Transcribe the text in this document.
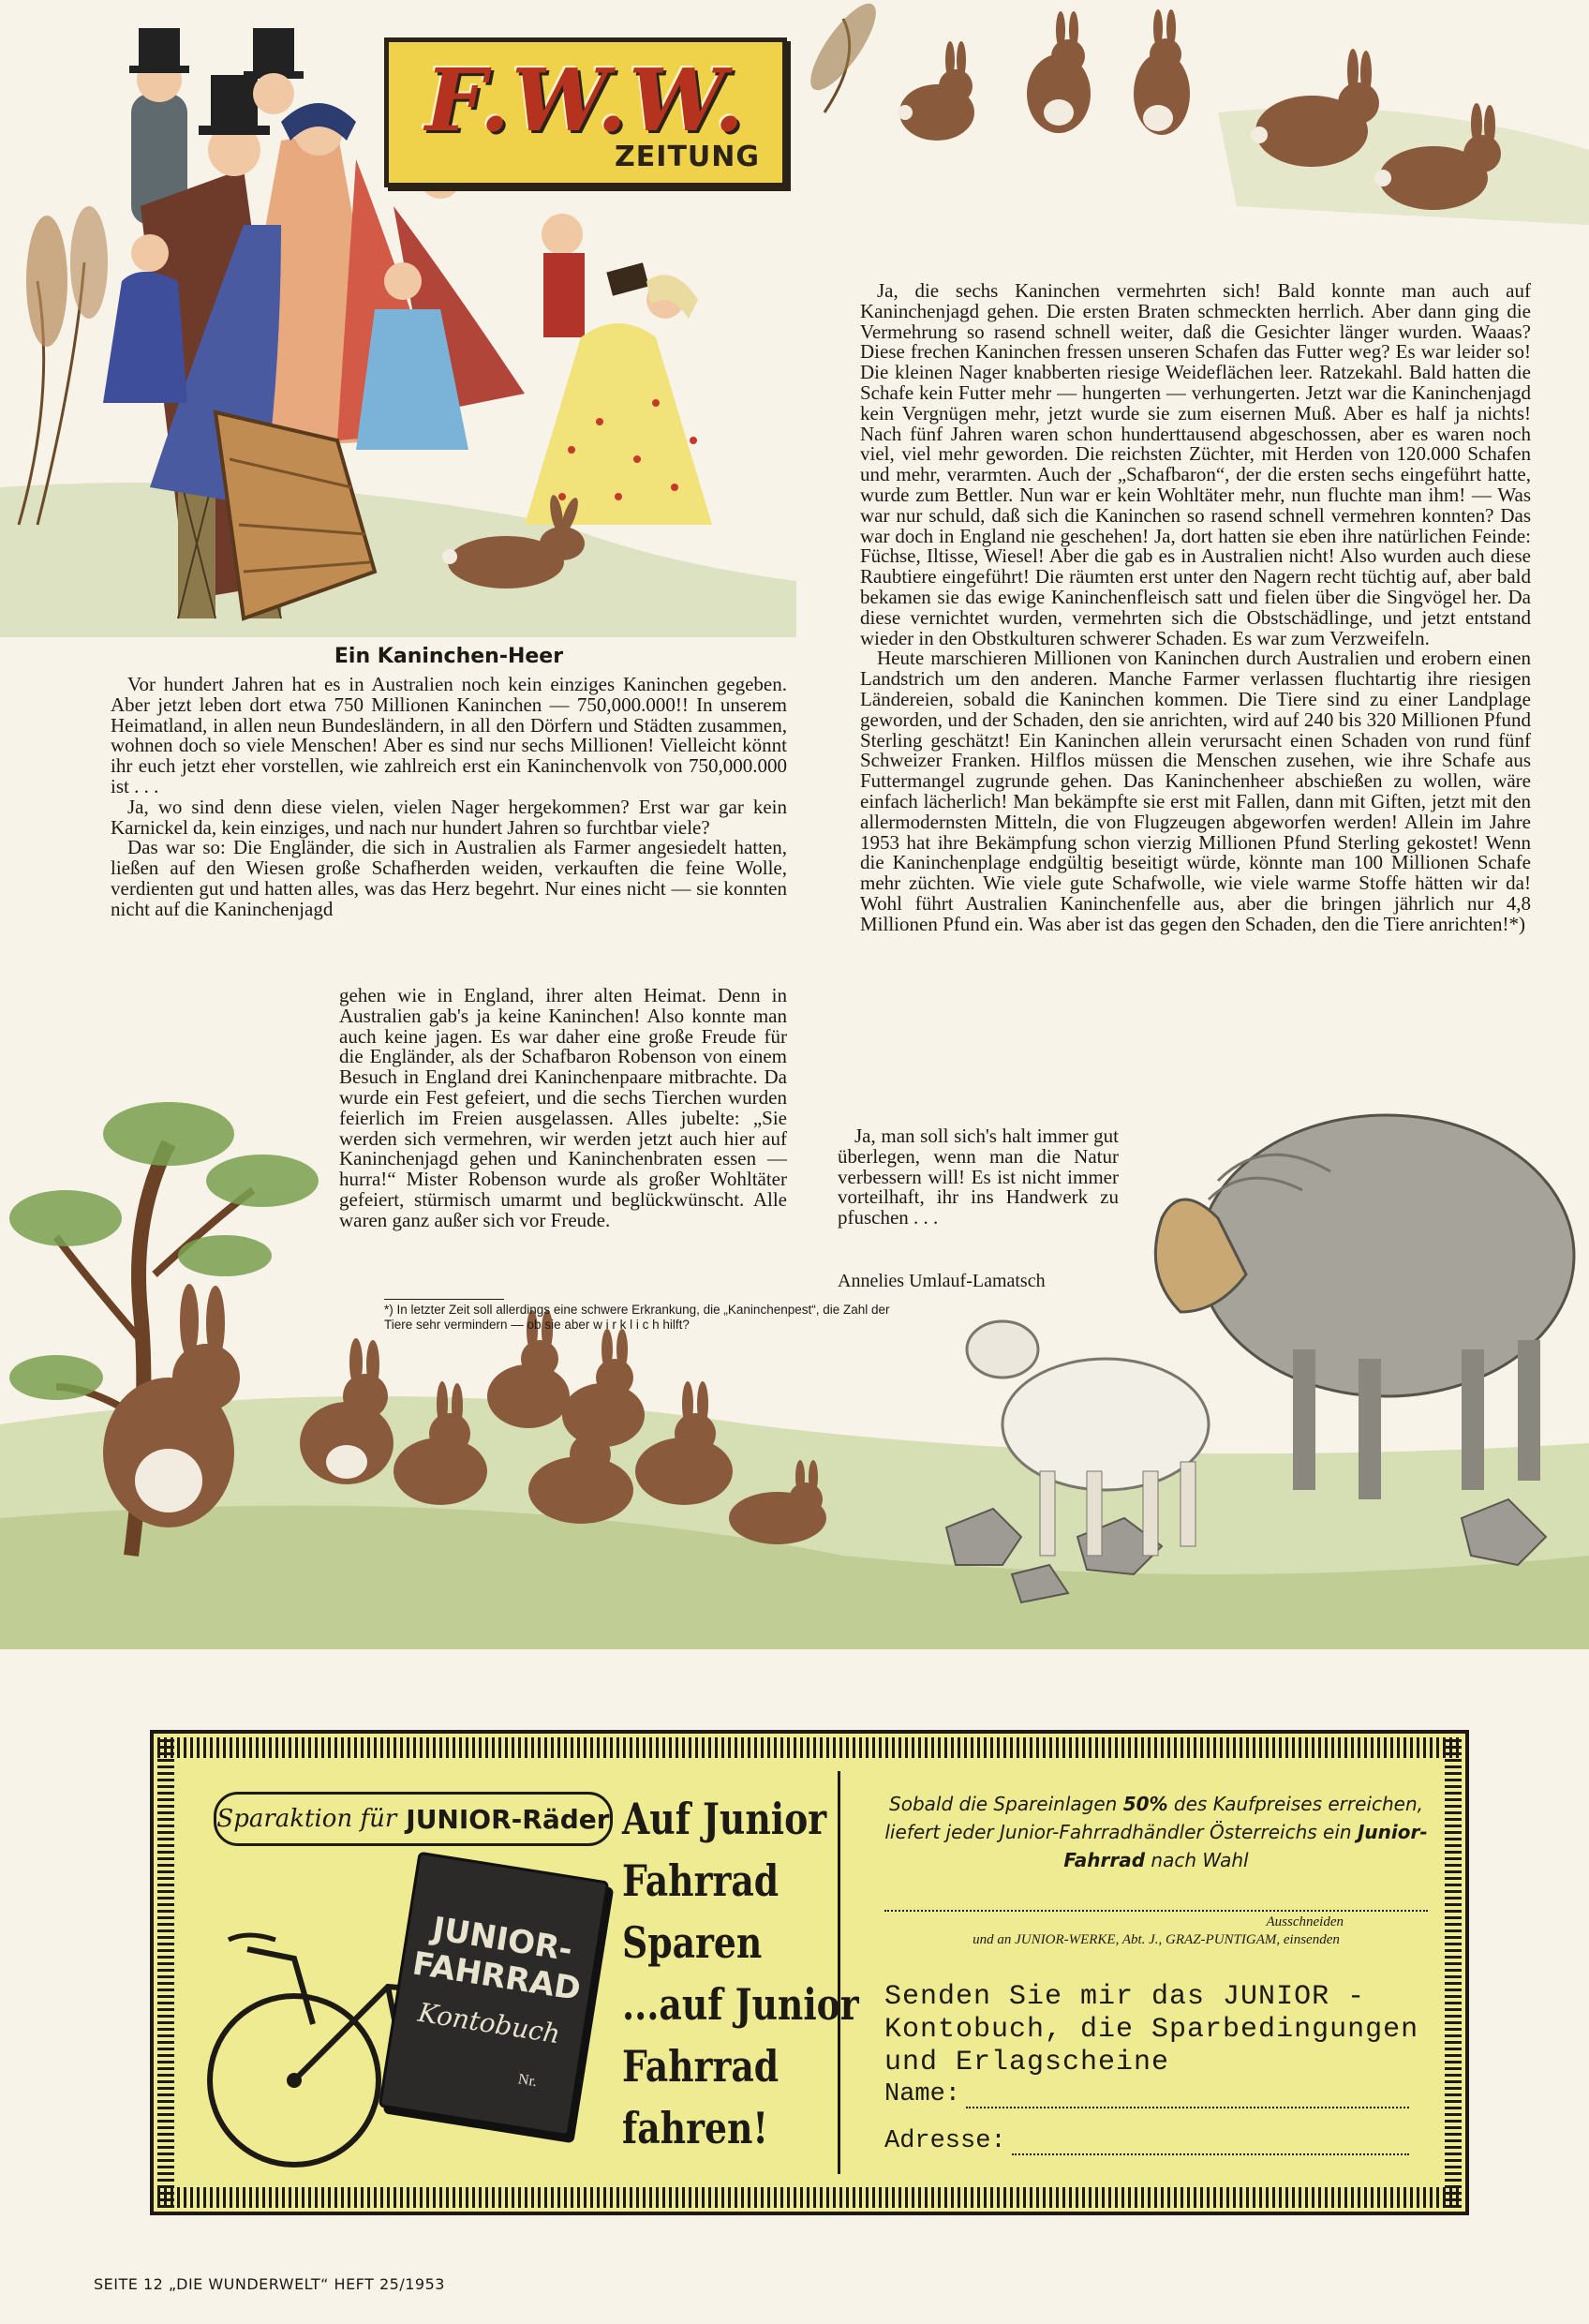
F.W.W.
ZEITUNG
Ein Kaninchen-Heer

Vor hundert Jahren hat es in Australien noch kein einziges Kaninchen gegeben. Aber jetzt leben dort etwa 750 Millionen Kaninchen — 750,000.000!! In unserem Heimatland, in allen neun Bundesländern, in all den Dörfern und Städten zusammen, wohnen doch so viele Menschen! Aber es sind nur sechs Millionen! Vielleicht könnt ihr euch jetzt eher vorstellen, wie zahlreich erst ein Kaninchenvolk von 750,000.000 ist . . .

Ja, wo sind denn diese vielen, vielen Nager hergekommen? Erst war gar kein Karnickel da, kein einziges, und nach nur hundert Jahren so furchtbar viele?

Das war so: Die Engländer, die sich in Australien als Farmer angesiedelt hatten, ließen auf den Wiesen große Schafherden weiden, verkauften die feine Wolle, verdienten gut und hatten alles, was das Herz begehrt. Nur eines nicht — sie konnten nicht auf die Kaninchenjagd

gehen wie in England, ihrer alten Heimat. Denn in Australien gab's ja keine Kaninchen! Also konnte man auch keine jagen. Es war daher eine große Freude für die Engländer, als der Schafbaron Robenson von einem Besuch in England drei Kaninchenpaare mitbrachte. Da wurde ein Fest gefeiert, und die sechs Tierchen wurden feierlich im Freien ausgelassen. Alles jubelte: „Sie werden sich vermehren, wir werden jetzt auch hier auf Kaninchenjagd gehen und Kaninchenbraten essen — hurra!“ Mister Robenson wurde als großer Wohltäter gefeiert, stürmisch umarmt und beglückwünscht. Alle waren ganz außer sich vor Freude.

Ja, die sechs Kaninchen vermehrten sich! Bald konnte man auch auf Kaninchenjagd gehen. Die ersten Braten schmeckten herrlich. Aber dann ging die Vermehrung so rasend schnell weiter, daß die Gesichter länger wurden. Waaas? Diese frechen Kaninchen fressen unseren Schafen das Futter weg? Es war leider so! Die kleinen Nager knabberten riesige Weideflächen leer. Ratzekahl. Bald hatten die Schafe kein Futter mehr — hungerten — verhungerten. Jetzt war die Kaninchenjagd kein Vergnügen mehr, jetzt wurde sie zum eisernen Muß. Aber es half ja nichts! Nach fünf Jahren waren schon hunderttausend abgeschossen, aber es waren noch viel, viel mehr geworden. Die reichsten Züchter, mit Herden von 120.000 Schafen und mehr, verarmten. Auch der „Schafbaron“, der die ersten sechs eingeführt hatte, wurde zum Bettler. Nun war er kein Wohltäter mehr, nun fluchte man ihm! — Was war nur schuld, daß sich die Kaninchen so rasend schnell vermehren konnten? Das war doch in England nie geschehen! Ja, dort hatten sie eben ihre natürlichen Feinde: Füchse, Iltisse, Wiesel! Aber die gab es in Australien nicht! Also wurden auch diese Raubtiere eingeführt! Die räumten erst unter den Nagern recht tüchtig auf, aber bald bekamen sie das ewige Kaninchenfleisch satt und fielen über die Singvögel her. Da diese vernichtet wurden, vermehrten sich die Obstschädlinge, und jetzt entstand wieder in den Obstkulturen schwerer Schaden. Es war zum Verzweifeln.

Heute marschieren Millionen von Kaninchen durch Australien und erobern einen Landstrich um den anderen. Manche Farmer verlassen fluchtartig ihre riesigen Ländereien, sobald die Kaninchen kommen. Die Tiere sind zu einer Landplage geworden, und der Schaden, den sie anrichten, wird auf 240 bis 320 Millionen Pfund Sterling geschätzt! Ein Kaninchen allein verursacht einen Schaden von rund fünf Schweizer Franken. Hilflos müssen die Menschen zusehen, wie ihre Schafe aus Futtermangel zugrunde gehen. Das Kaninchenheer abschießen zu wollen, wäre einfach lächerlich! Man bekämpfte sie erst mit Fallen, dann mit Giften, jetzt mit den allermodernsten Mitteln, die von Flugzeugen abgeworfen werden! Allein im Jahre 1953 hat ihre Bekämpfung schon vierzig Millionen Pfund Sterling gekostet! Wenn die Kaninchenplage endgültig beseitigt würde, könnte man 100 Millionen Schafe mehr züchten. Wie viele gute Schafwolle, wie viele warme Stoffe hätten wir da! Wohl führt Australien Kaninchenfelle aus, aber die bringen jährlich nur 4,8 Millionen Pfund ein. Was aber ist das gegen den Schaden, den die Tiere anrichten!*)

Ja, man soll sich's halt immer gut überlegen, wenn man die Natur verbessern will! Es ist nicht immer vorteilhaft, ihr ins Handwerk zu pfuschen . . .

Annelies Umlauf-Lamatsch
*) In letzter Zeit soll allerdings eine schwere Erkrankung, die „Kaninchenpest“, die Zahl der Tiere sehr vermindern — ob sie aber w i r k l i c h hilft?
Sparaktion für JUNIOR-Räder
JUNIOR- FAHRRAD
Kontobuch
Nr.
Auf Junior
Fahrrad
Sparen
...auf Junior
Fahrrad
fahren!
Sobald die Spareinlagen 50% des Kaufpreises erreichen, liefert jeder Junior-Fahrradhändler Österreichs ein Junior-Fahrrad nach Wahl
Ausschneiden
und an JUNIOR-WERKE, Abt. J., GRAZ-PUNTIGAM, einsenden
Senden Sie mir das JUNIOR - Kontobuch, die Sparbedingungen und Erlagscheine
Name:
Adresse:
SEITE 12 „DIE WUNDERWELT“ HEFT 25/1953
